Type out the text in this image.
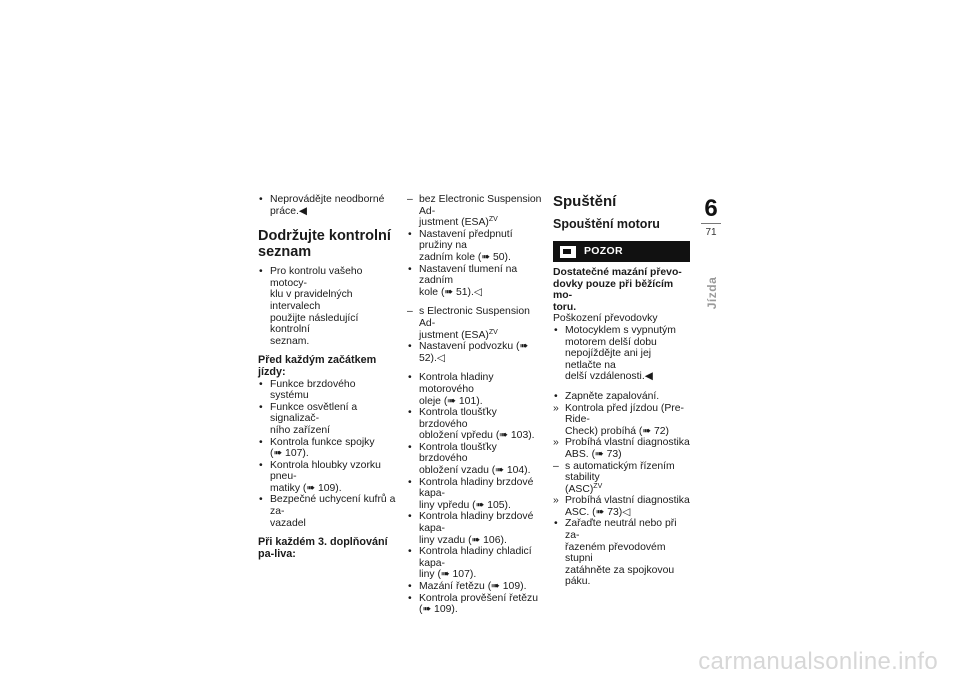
• Neprovádějte neodborné
práce.◀
Dodržujte kontrolní seznam
• Pro kontrolu vašeho motocy-
klu v pravidelných intervalech
použijte následující kontrolní
seznam.
Před každým začátkem jízdy:
• Funkce brzdového systému
• Funkce osvětlení a signalizač-
ního zařízení
• Kontrola funkce spojky
(➠ 107).
• Kontrola hloubky vzorku pneu-
matiky (➠ 109).
• Bezpečné uchycení kufrů a za-
vazadel
Při každém 3. doplňování pa-liva:
– bez Electronic Suspension Ad-
justment (ESA)$^{ZV}$
• Nastavení předpnutí pružiny na
zadním kole (➠ 50).
• Nastavení tlumení na zadním
kole (➠ 51).◁
– s Electronic Suspension Ad-
justment (ESA)$^{ZV}$
• Nastavení podvozku (➠ 52).◁
• Kontrola hladiny motorového
oleje (➠ 101).
• Kontrola tloušťky brzdového
obložení vpředu (➠ 103).
• Kontrola tloušťky brzdového
obložení vzadu (➠ 104).
• Kontrola hladiny brzdové kapa-
liny vpředu (➠ 105).
• Kontrola hladiny brzdové kapa-
liny vzadu (➠ 106).
• Kontrola hladiny chladicí kapa-
liny (➠ 107).
• Mazání řetězu (➠ 109).
• Kontrola prověšení řetězu
(➠ 109).
Spuštění
Spouštění motoru
POZOR
Dostatečné mazání převo-
dovky pouze při běžícím mo-
toru.
Poškození převodovky
• Motocyklem s vypnutým
motorem delší dobu
nepojíždějte ani jej netlačte na
delší vzdálenosti.◀
• Zapněte zapalování.
» Kontrola před jízdou (Pre-Ride-
Check) probíhá (➠ 72)
» Probíhá vlastní diagnostika
ABS. (➠ 73)
– s automatickým řízením stability
(ASC)$^{ZV}$
» Probíhá vlastní diagnostika
ASC. (➠ 73)◁
• Zařaďte neutrál nebo při za-
řazeném převodovém stupni
zatáhněte za spojkovou páku.
6
71
Jízda
carmanualsonline.info
